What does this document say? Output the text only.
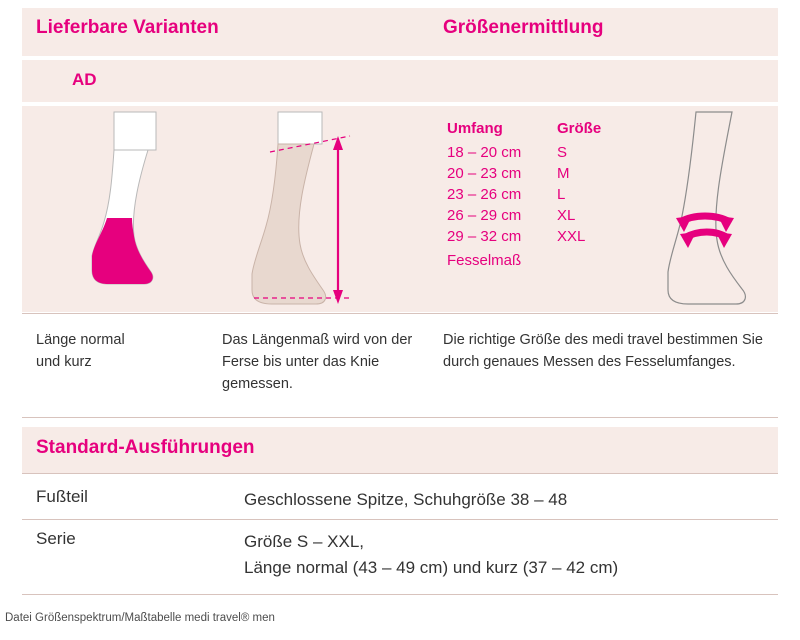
Lieferbare Varianten	Größenermittlung
AD
Umfang	Größe
18 – 20 cm	S
20 – 23 cm	M
23 – 26 cm	L
26 – 29 cm	XL
29 – 32 cm	XXL
Fesselmaß	
Länge normal
und kurz
Das Längenmaß wird von der Ferse bis unter das Knie gemessen.
Die richtige Größe des medi travel bestimmen Sie durch genaues Messen des Fesselumfanges.
Standard-Ausführungen
Fußteil	Geschlossene Spitze, Schuhgröße 38 – 48
Serie	Größe S – XXL,
Länge normal (43 – 49 cm) und kurz (37 – 42 cm)
Datei Größenspektrum/Maßtabelle medi travel® men
